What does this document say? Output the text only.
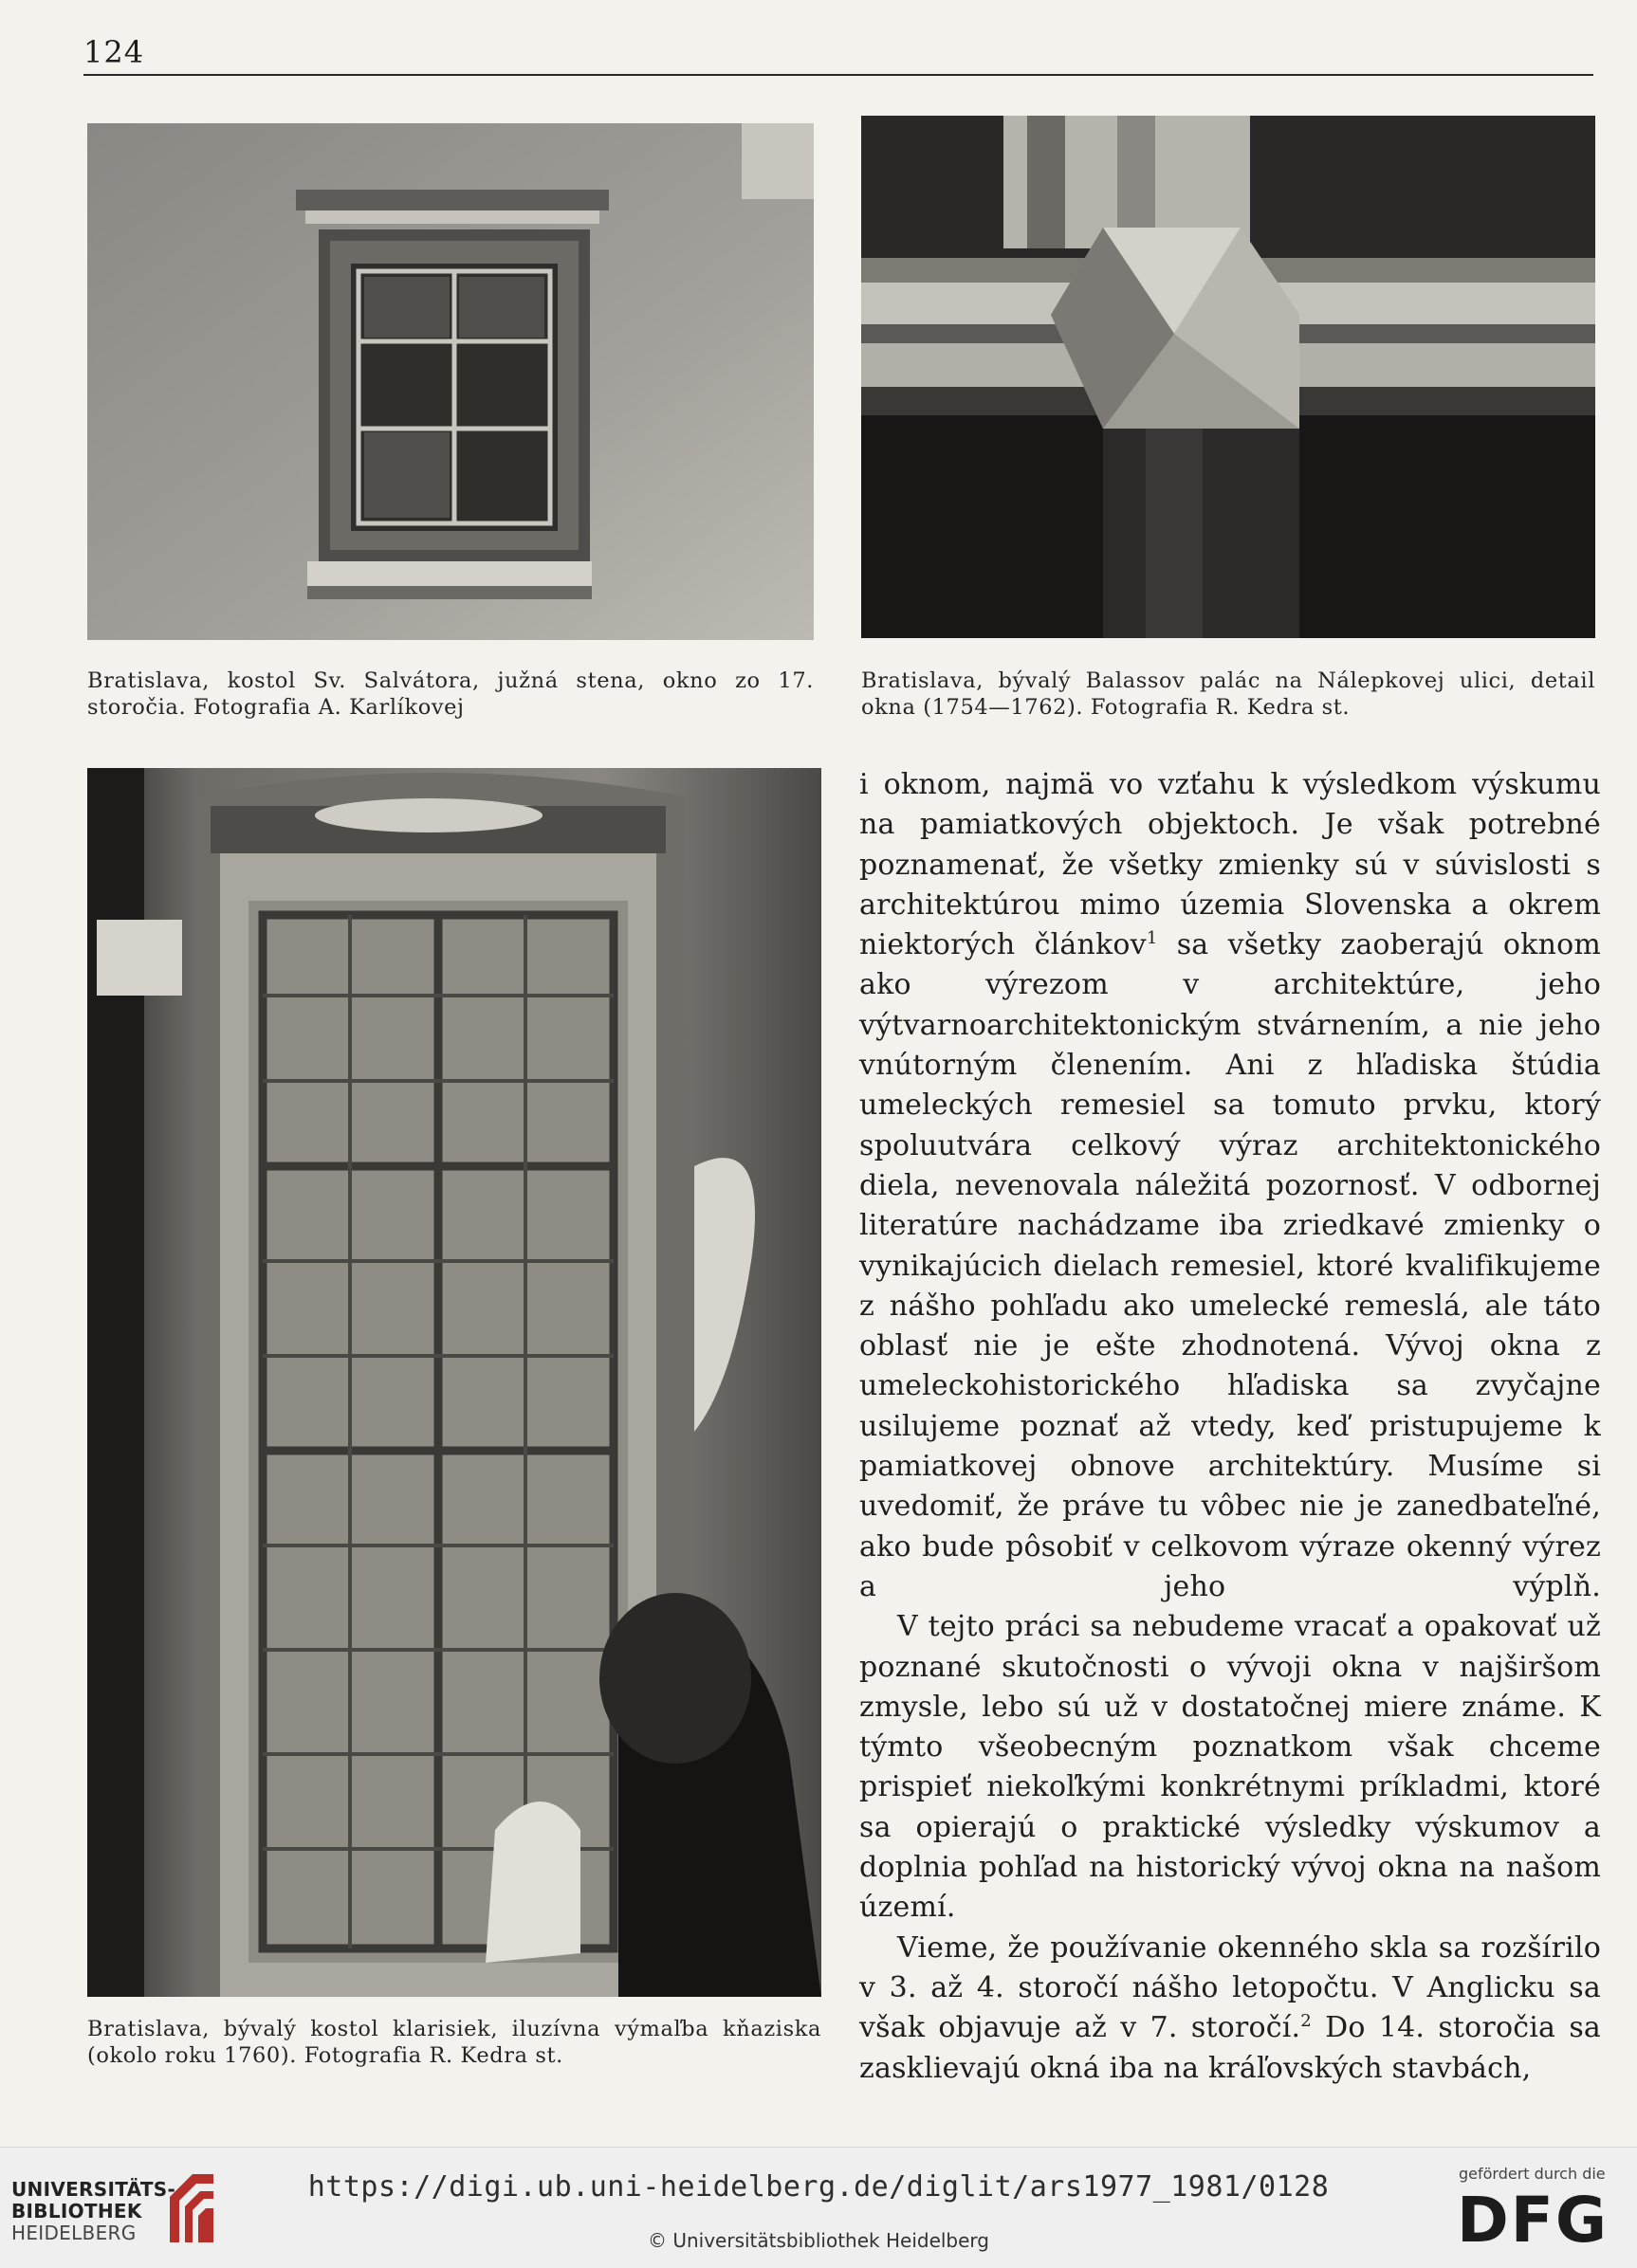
124
Bratislava, kostol Sv. Salvátora, južná stena, okno zo 17. storočia. Fotografia A. Karlíkovej
Bratislava, bývalý Balassov palác na Nálepkovej ulici, detail okna (1754—1762). Fotografia R. Kedra st.
Bratislava, bývalý kostol klarisiek, iluzívna výmaľba kňaziska (okolo roku 1760). Fotografia R. Kedra st.

i oknom, najmä vo vzťahu k výsledkom výskumu na pamiatkových objektoch. Je však potrebné poznamenať, že všetky zmienky sú v súvislosti s architektúrou mimo územia Slovenska a okrem niektorých článkov$^1$ sa všetky zaoberajú oknom ako výrezom v architektúre, jeho výtvarnoarchitektonickým stvárnením, a nie jeho vnútorným členením. Ani z hľadiska štúdia umeleckých remesiel sa tomuto prvku, ktorý spoluutvára celkový výraz architektonického diela, nevenovala náležitá pozornosť. V odbornej literatúre nachádzame iba zriedkavé zmienky o vynikajúcich dielach remesiel, ktoré kvalifikujeme z nášho pohľadu ako umelecké remeslá, ale táto oblasť nie je ešte zhodnotená. Vývoj okna z umeleckohistorického hľadiska sa zvyčajne usilujeme poznať až vtedy, keď pristupujeme k pamiatkovej obnove architektúry. Musíme si uvedomiť, že práve tu vôbec nie je zanedbateľné, ako bude pôsobiť v celkovom výraze okenný výrez a jeho výplň.

V tejto práci sa nebudeme vracať a opakovať už poznané skutočnosti o vývoji okna v najširšom zmysle, lebo sú už v dostatočnej miere známe. K týmto všeobecným poznatkom však chceme prispieť niekoľkými konkrétnymi príkladmi, ktoré sa opierajú o praktické výsledky výskumov a doplnia pohľad na historický vývoj okna na našom území.

Vieme, že používanie okenného skla sa rozšírilo v 3. až 4. storočí nášho letopočtu. V Anglicku sa však objavuje až v 7. storočí.$^2$ Do 14. storočia sa zasklievajú okná iba na kráľovských stavbách,

UNIVERSITÄTS-
BIBLIOTHEK
HEIDELBERG
https://digi.ub.uni-heidelberg.de/diglit/ars1977_1981/0128
© Universitätsbibliothek Heidelberg
gefördert durch die
DFG
